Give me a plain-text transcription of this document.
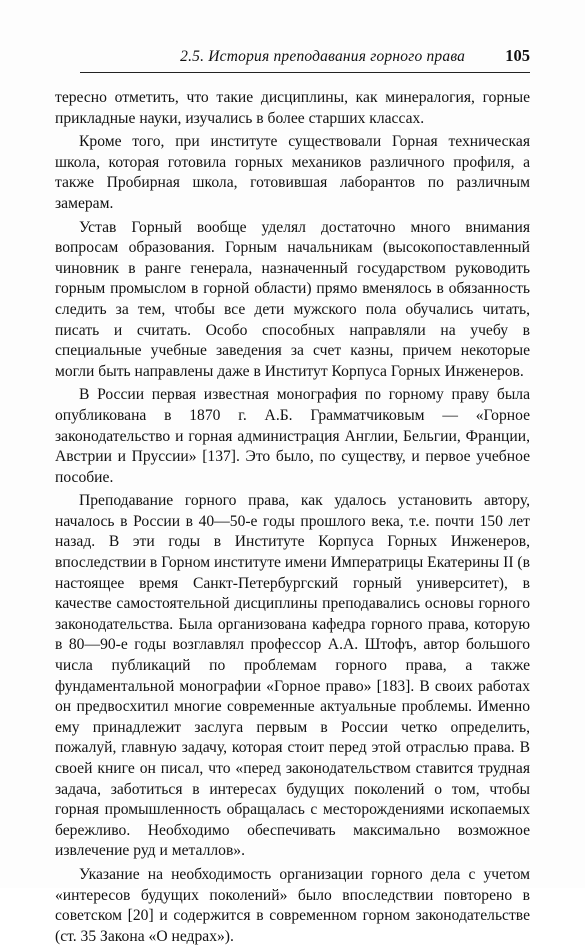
2.5. История преподавания горного права	105

тересно отметить, что такие дисциплины, как минералогия, горные прикладные науки, изучались в более старших классах.

Кроме того, при институте существовали Горная техническая школа, которая готовила горных механиков различного профиля, а также Пробирная школа, готовившая лаборантов по различным замерам.

Устав Горный вообще уделял достаточно много внимания вопросам образования. Горным начальникам (высокопоставленный чиновник в ранге генерала, назначенный государством руководить горным промыслом в горной области) прямо вменялось в обязанность следить за тем, чтобы все дети мужского пола обучались читать, писать и считать. Особо способных направляли на учебу в специальные учебные заведения за счет казны, причем некоторые могли быть направлены даже в Институт Корпуса Горных Инженеров.

В России первая известная монография по горному праву была опубликована в 1870 г. А.Б. Грамматчиковым — «Горное законодательство и горная администрация Англии, Бельгии, Франции, Австрии и Пруссии» [137]. Это было, по существу, и первое учебное пособие.

Преподавание горного права, как удалось установить автору, началось в России в 40—50-е годы прошлого века, т.е. почти 150 лет назад. В эти годы в Институте Корпуса Горных Инженеров, впоследствии в Горном институте имени Императрицы Екатерины II (в настоящее время Санкт-Петербургский горный университет), в качестве самостоятельной дисциплины преподавались основы горного законодательства. Была организована кафедра горного права, которую в 80—90-е годы возглавлял профессор А.А. Штофъ, автор большого числа публикаций по проблемам горного права, а также фундаментальной монографии «Горное право» [183]. В своих работах он предвосхитил многие современные актуальные проблемы. Именно ему принадлежит заслуга первым в России четко определить, пожалуй, главную задачу, которая стоит перед этой отраслью права. В своей книге он писал, что «перед законодательством ставится трудная задача, заботиться в интересах будущих поколений о том, чтобы горная промышленность обращалась с месторождениями ископаемых бережливо. Необходимо обеспечивать максимально возможное извлечение руд и металлов».

Указание на необходимость организации горного дела с учетом «интересов будущих поколений» было впоследствии повторено в советском [20] и содержится в современном горном законодательстве (ст. 35 Закона «О недрах»).
